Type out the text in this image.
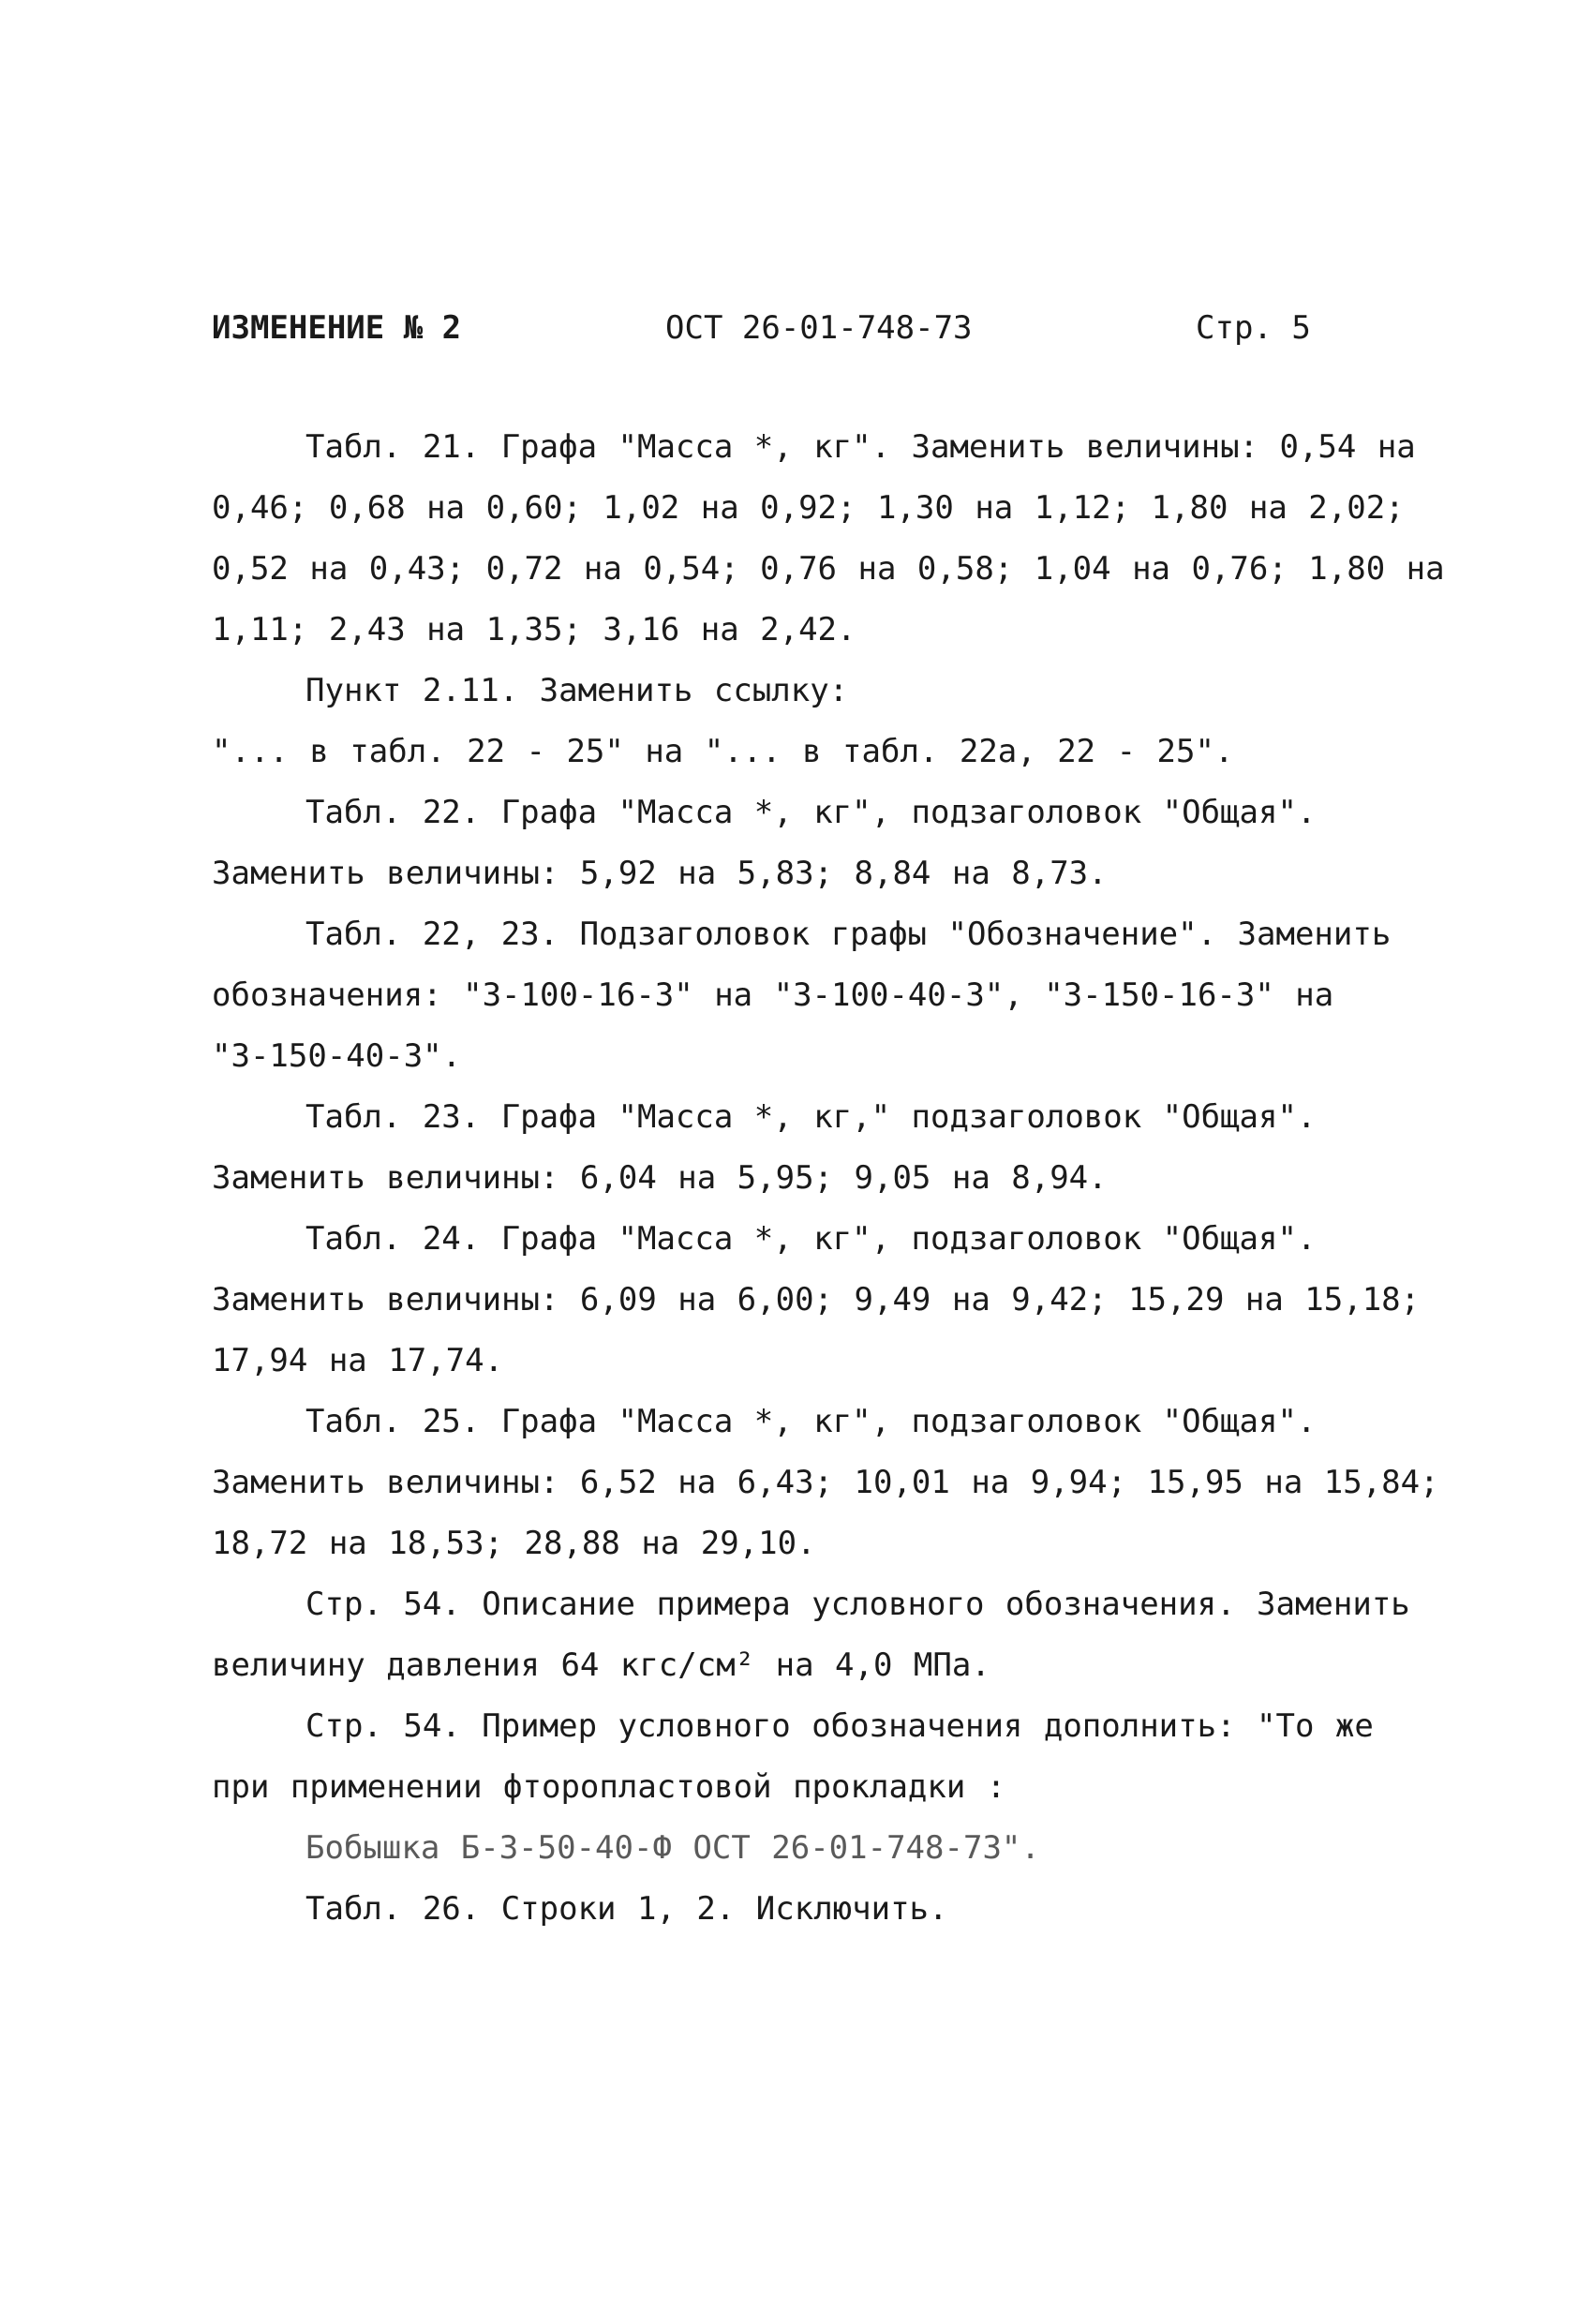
ИЗМЕНЕНИЕ № 2	ОСТ 26-01-748-73	Стр. 5

Табл. 21. Графа "Масса *, кг". Заменить величины: 0,54 на
0,46; 0,68 на 0,60; 1,02 на 0,92; 1,30 на 1,12; 1,80 на 2,02;
0,52 на 0,43; 0,72 на 0,54; 0,76 на 0,58; 1,04 на 0,76; 1,80 на
1,11; 2,43 на 1,35; 3,16 на 2,42.

Пункт 2.11. Заменить ссылку:

"... в табл. 22 - 25" на "... в табл. 22а, 22 - 25".

Табл. 22. Графа "Масса *, кг", подзаголовок "Общая".
Заменить величины: 5,92 на 5,83; 8,84 на 8,73.

Табл. 22, 23. Подзаголовок графы "Обозначение". Заменить
обозначения: "3-100-16-3" на "3-100-40-3", "3-150-16-3" на
"3-150-40-3".

Табл. 23. Графа "Масса *, кг," подзаголовок "Общая".
Заменить величины: 6,04 на 5,95; 9,05 на 8,94.

Табл. 24. Графа "Масса *, кг", подзаголовок "Общая".
Заменить величины: 6,09 на 6,00; 9,49 на 9,42; 15,29 на 15,18;
17,94 на 17,74.

Табл. 25. Графа "Масса *, кг", подзаголовок "Общая".
Заменить величины: 6,52 на 6,43; 10,01 на 9,94; 15,95 на 15,84;
18,72 на 18,53; 28,88 на 29,10.

Стр. 54. Описание примера условного обозначения. Заменить
величину давления 64 кгс/см² на 4,0 МПа.

Стр. 54. Пример условного обозначения дополнить: "То же
при применении фторопластовой прокладки :

Бобышка Б-3-50-40-Ф ОСТ 26-01-748-73".

Табл. 26. Строки 1, 2. Исключить.
